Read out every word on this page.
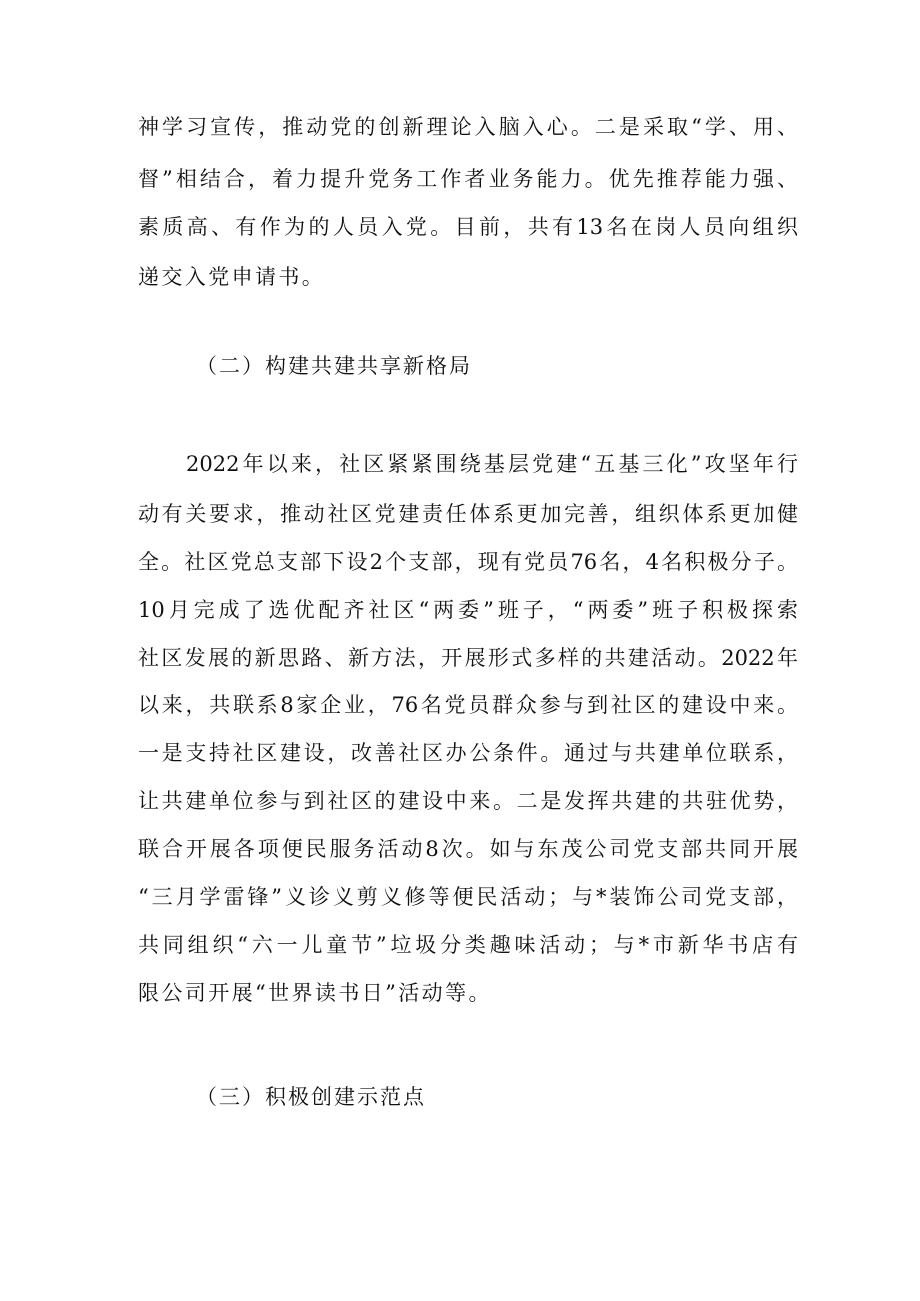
神学习宣传，推动党的创新理论入脑入心。二是采取“学、用、
督”相结合，着力提升党务工作者业务能力。优先推荐能力强、
素质高、有作为的人员入党。目前，共有13名在岗人员向组织
递交入党申请书。
（二）构建共建共享新格局
2022年以来，社区紧紧围绕基层党建“五基三化”攻坚年行
动有关要求，推动社区党建责任体系更加完善，组织体系更加健
全。社区党总支部下设2个支部，现有党员76名，4名积极分子。
10月完成了选优配齐社区“两委”班子，“两委”班子积极探索
社区发展的新思路、新方法，开展形式多样的共建活动。2022年
以来，共联系8家企业，76名党员群众参与到社区的建设中来。
一是支持社区建设，改善社区办公条件。通过与共建单位联系，
让共建单位参与到社区的建设中来。二是发挥共建的共驻优势，
联合开展各项便民服务活动8次。如与东茂公司党支部共同开展
“三月学雷锋”义诊义剪义修等便民活动；与*装饰公司党支部，
共同组织“六一儿童节”垃圾分类趣味活动；与*市新华书店有
限公司开展“世界读书日”活动等。
（三）积极创建示范点
